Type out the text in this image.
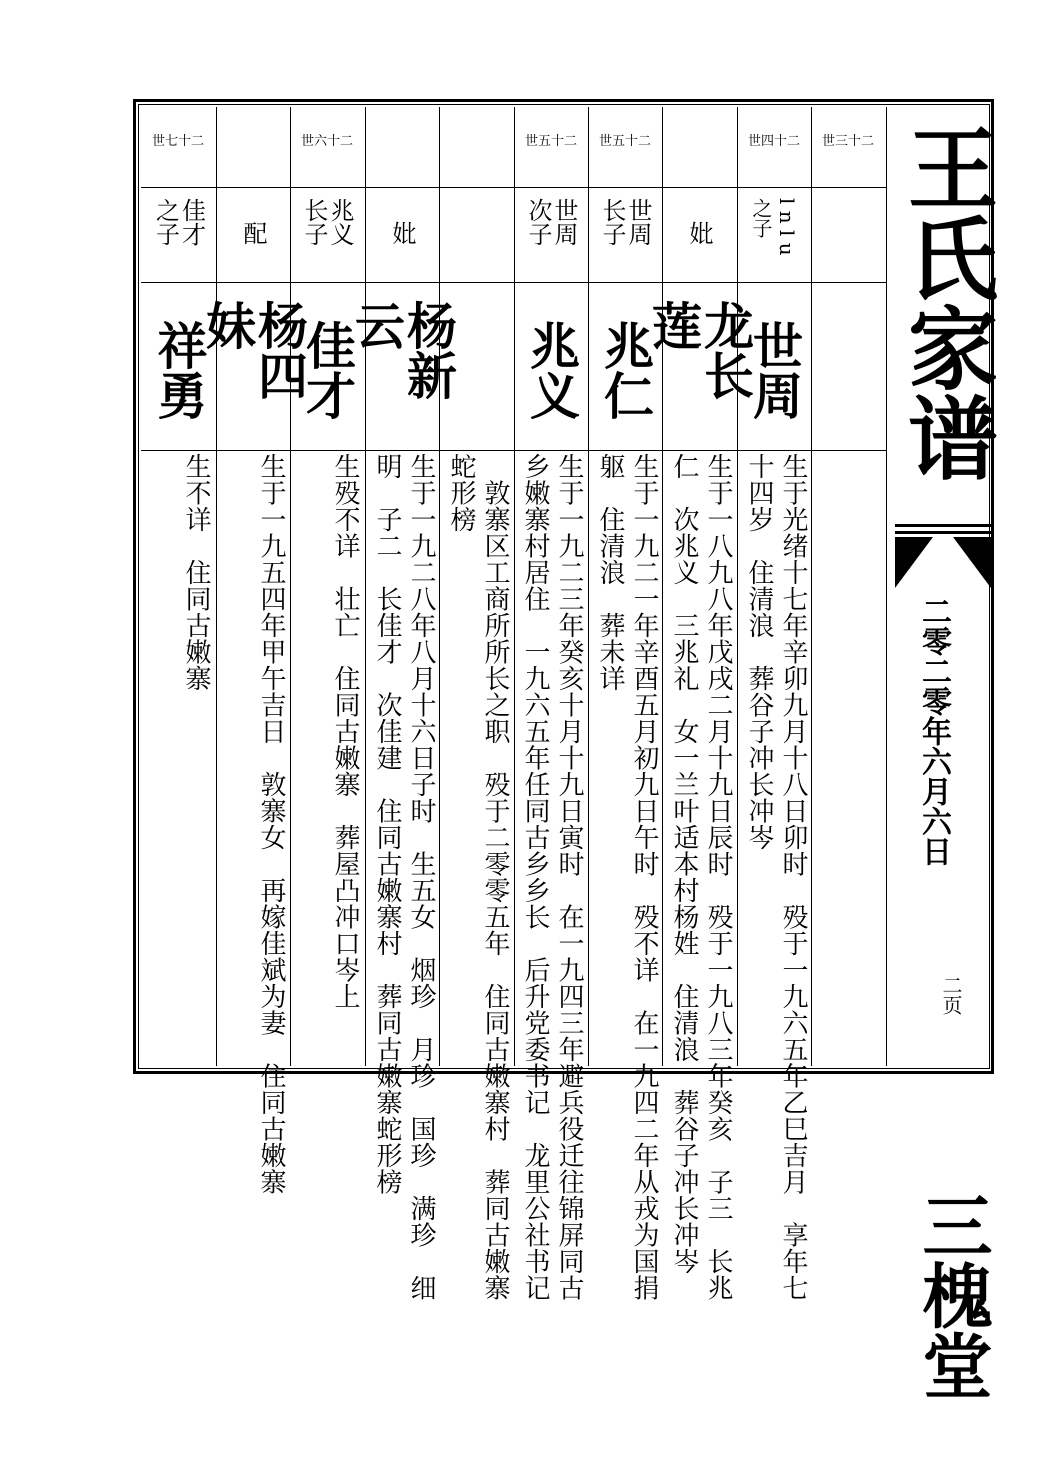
王氏家谱
二零二零年六月六日
二页
三槐堂
世三十二
世四十二
l n l u之子
世周
生于光绪十七年辛卯九月十八日卯时　殁于一九六五年乙巳吉月　享年七
十四岁　住清浪　葬谷子冲长冲岑
妣
龙长莲
生于一八九八年戊戌二月十九日辰时　殁于一九八三年癸亥　子三　长兆
仁　次兆义　三兆礼　女一兰叶适本村杨姓　住清浪　葬谷子冲长冲岑
世五十二
世周长子
兆仁
生于一九二一年辛酉五月初九日午时　殁不详　在一九四二年从戎为国捐
躯　住清浪　葬未详
世五十二
世周次子
兆义
生于一九二三年癸亥十月十九日寅时　在一九四三年避兵役迁往锦屏同古
乡嫩寨村居住　一九六五年任同古乡乡长　后升党委书记　龙里公社书记
　敦寨区工商所所长之职　殁于二零零五年　住同古嫩寨村　葬同古嫩寨
蛇形榜
妣
杨新云
生于一九二八年八月十六日子时　生五女　烟珍　月珍　国珍　满珍　细
明　子二　长佳才　次佳建　住同古嫩寨村　葬同古嫩寨蛇形榜
世六十二
兆义长子
佳才
生殁不详　壮亡　住同古嫩寨　葬屋凸冲口岑上
配
杨四妹
生于一九五四年甲午吉日　敦寨女　再嫁佳斌为妻　住同古嫩寨
世七十二
佳才之子
祥勇
生不详　住同古嫩寨
